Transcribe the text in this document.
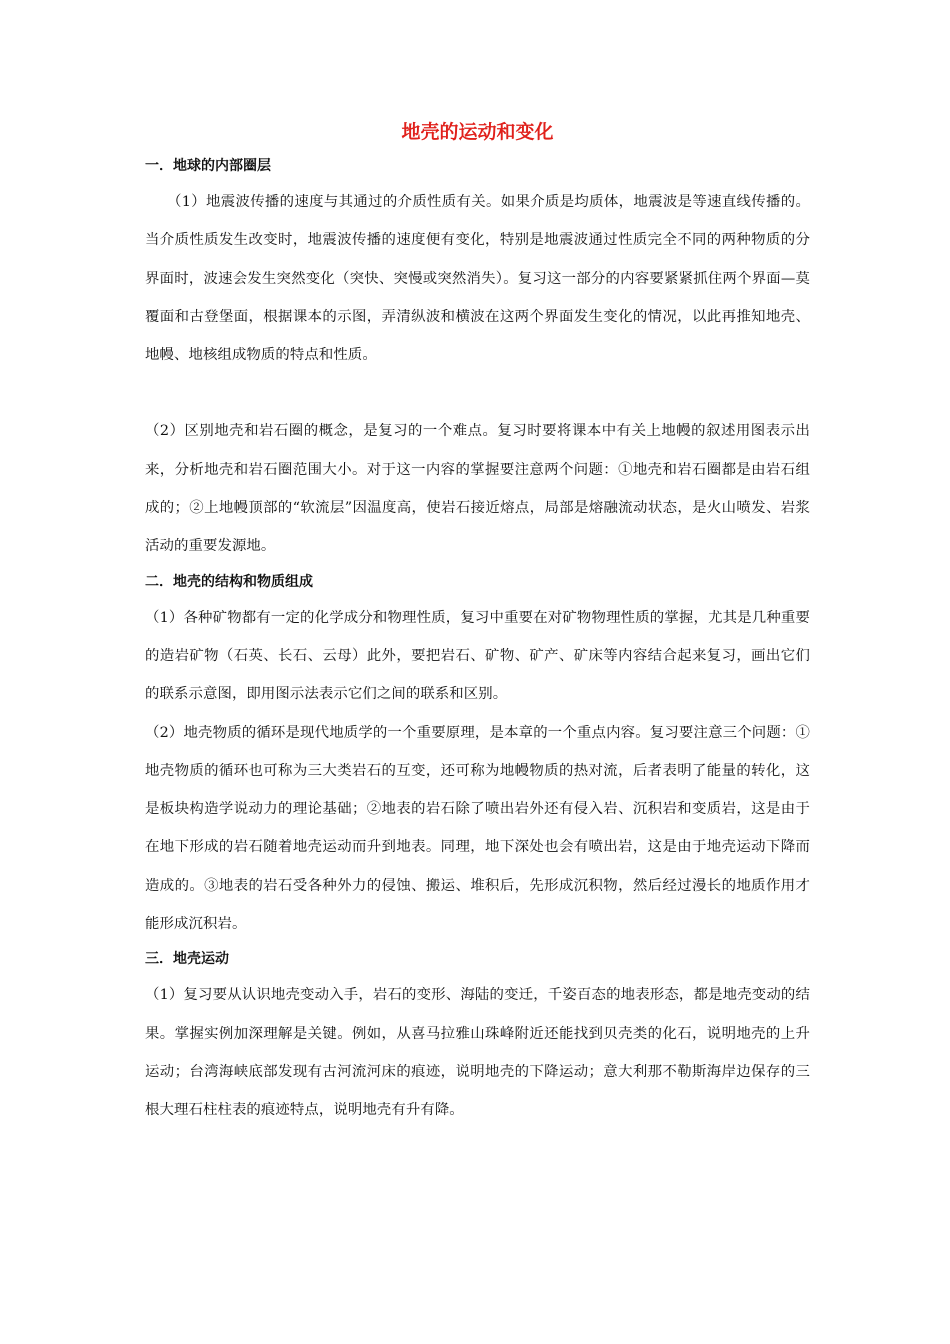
地壳的运动和变化
一．地球的内部圈层

（1）地震波传播的速度与其通过的介质性质有关。如果介质是均质体，地震波是等速直线传播的。当介质性质发生改变时，地震波传播的速度便有变化，特别是地震波通过性质完全不同的两种物质的分界面时，波速会发生突然变化（突快、突慢或突然消失）。复习这一部分的内容要紧紧抓住两个界面—莫覆面和古登堡面，根据课本的示图，弄清纵波和横波在这两个界面发生变化的情况，以此再推知地壳、地幔、地核组成物质的特点和性质。

（2）区别地壳和岩石圈的概念，是复习的一个难点。复习时要将课本中有关上地幔的叙述用图表示出来，分析地壳和岩石圈范围大小。对于这一内容的掌握要注意两个问题：①地壳和岩石圈都是由岩石组成的；②上地幔顶部的“软流层”因温度高，使岩石接近熔点，局部是熔融流动状态，是火山喷发、岩浆活动的重要发源地。

二．地壳的结构和物质组成

（1）各种矿物都有一定的化学成分和物理性质，复习中重要在对矿物物理性质的掌握，尤其是几种重要的造岩矿物（石英、长石、云母）此外，要把岩石、矿物、矿产、矿床等内容结合起来复习，画出它们的联系示意图，即用图示法表示它们之间的联系和区别。

（2）地壳物质的循环是现代地质学的一个重要原理，是本章的一个重点内容。复习要注意三个问题：①地壳物质的循环也可称为三大类岩石的互变，还可称为地幔物质的热对流，后者表明了能量的转化，这是板块构造学说动力的理论基础；②地表的岩石除了喷出岩外还有侵入岩、沉积岩和变质岩，这是由于在地下形成的岩石随着地壳运动而升到地表。同理，地下深处也会有喷出岩，这是由于地壳运动下降而造成的。③地表的岩石受各种外力的侵蚀、搬运、堆积后，先形成沉积物，然后经过漫长的地质作用才能形成沉积岩。

三．地壳运动

（1）复习要从认识地壳变动入手，岩石的变形、海陆的变迁，千姿百态的地表形态，都是地壳变动的结果。掌握实例加深理解是关键。例如，从喜马拉雅山珠峰附近还能找到贝壳类的化石，说明地壳的上升运动；台湾海峡底部发现有古河流河床的痕迹，说明地壳的下降运动；意大利那不勒斯海岸边保存的三根大理石柱柱表的痕迹特点，说明地壳有升有降。
